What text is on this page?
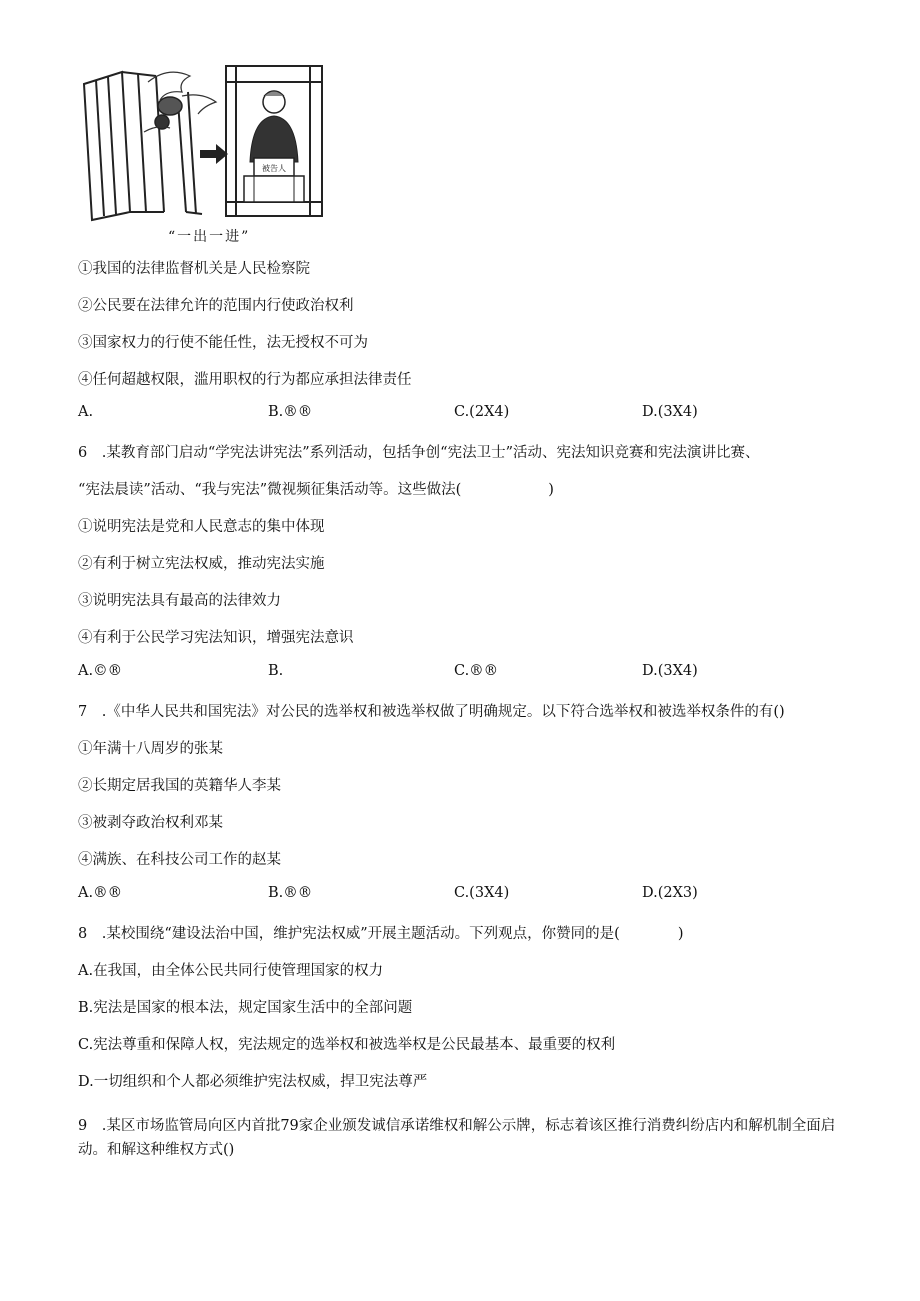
被告人
“一出一进”
①我国的法律监督机关是人民检察院
②公民要在法律允许的范围内行使政治权利
③国家权力的行使不能任性，法无授权不可为
④任何超越权限，滥用职权的行为都应承担法律责任
A.	B.®®	C.(2X4)	D.(3X4)
6　.某教育部门启动“学宪法讲宪法”系列活动，包括争创“宪法卫士”活动、宪法知识竞赛和宪法演讲比赛、
“宪法晨读”活动、“我与宪法”微视频征集活动等。这些做法(　　　　　　)
①说明宪法是党和人民意志的集中体现
②有利于树立宪法权威，推动宪法实施
③说明宪法具有最高的法律效力
④有利于公民学习宪法知识，增强宪法意识
A.©®	B.	C.®®	D.(3X4)
7　.《中华人民共和国宪法》对公民的选举权和被选举权做了明确规定。以下符合选举权和被选举权条件的有()
①年满十八周岁的张某
②长期定居我国的英籍华人李某
③被剥夺政治权利邓某
④满族、在科技公司工作的赵某
A.®®	B.®®	C.(3X4)	D.(2X3)
8　.某校围绕“建设法治中国，维护宪法权威”开展主题活动。下列观点，你赞同的是(　　　　)
A.在我国，由全体公民共同行使管理国家的权力
B.宪法是国家的根本法，规定国家生活中的全部问题
C.宪法尊重和保障人权，宪法规定的选举权和被选举权是公民最基本、最重要的权利
D.一切组织和个人都必须维护宪法权威，捍卫宪法尊严
9　.某区市场监管局向区内首批79家企业颁发诚信承诺维权和解公示牌，标志着该区推行消费纠纷店内和解机制全面启动。和解这种维权方式()
